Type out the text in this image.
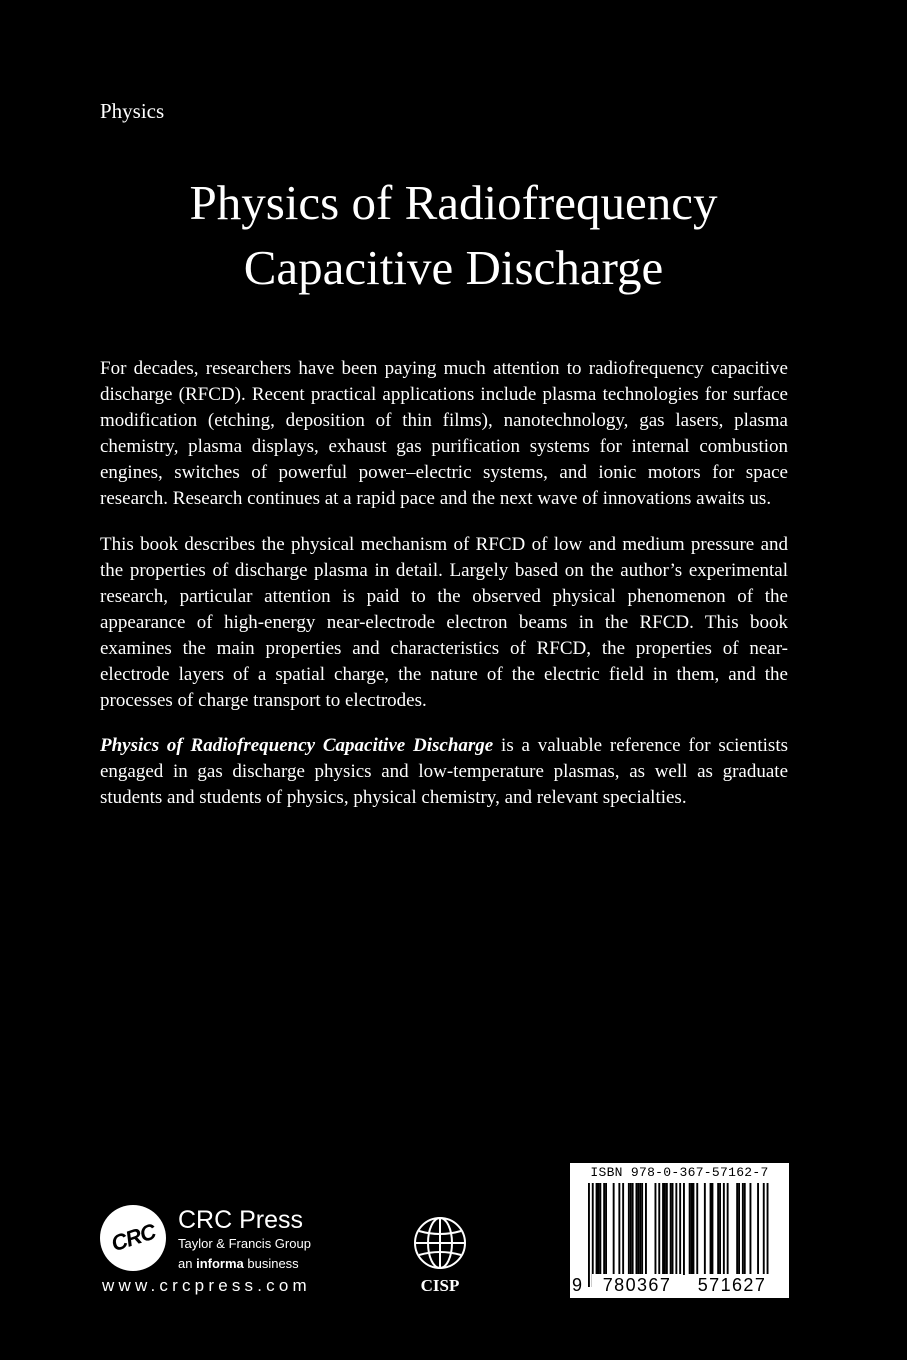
Physics
Physics of Radiofrequency
Capacitive Discharge

For decades, researchers have been paying much attention to radiofrequency capacitive discharge (RFCD). Recent practical applications include plasma technologies for surface modification (etching, deposition of thin films), nanotechnology, gas lasers, plasma chemistry, plasma displays, exhaust gas purification systems for internal combustion engines, switches of powerful power–electric systems, and ionic motors for space research. Research continues at a rapid pace and the next wave of innovations awaits us.

This book describes the physical mechanism of RFCD of low and medium pressure and the properties of discharge plasma in detail. Largely based on the author’s experimental research, particular attention is paid to the observed physical phenomenon of the appearance of high-energy near-electrode electron beams in the RFCD. This book examines the main properties and characteristics of RFCD, the properties of near-electrode layers of a spatial charge, the nature of the electric field in them, and the processes of charge transport to electrodes.

Physics of Radiofrequency Capacitive Discharge is a valuable reference for scientists engaged in gas discharge physics and low-temperature plasmas, as well as graduate students and students of physics, physical chemistry, and relevant specialties.

CRC CRC Press
Taylor & Francis Group
an informa business
www.crcpress.com	CISP
ISBN 978-0-367-57162-7
9	780367	571627
